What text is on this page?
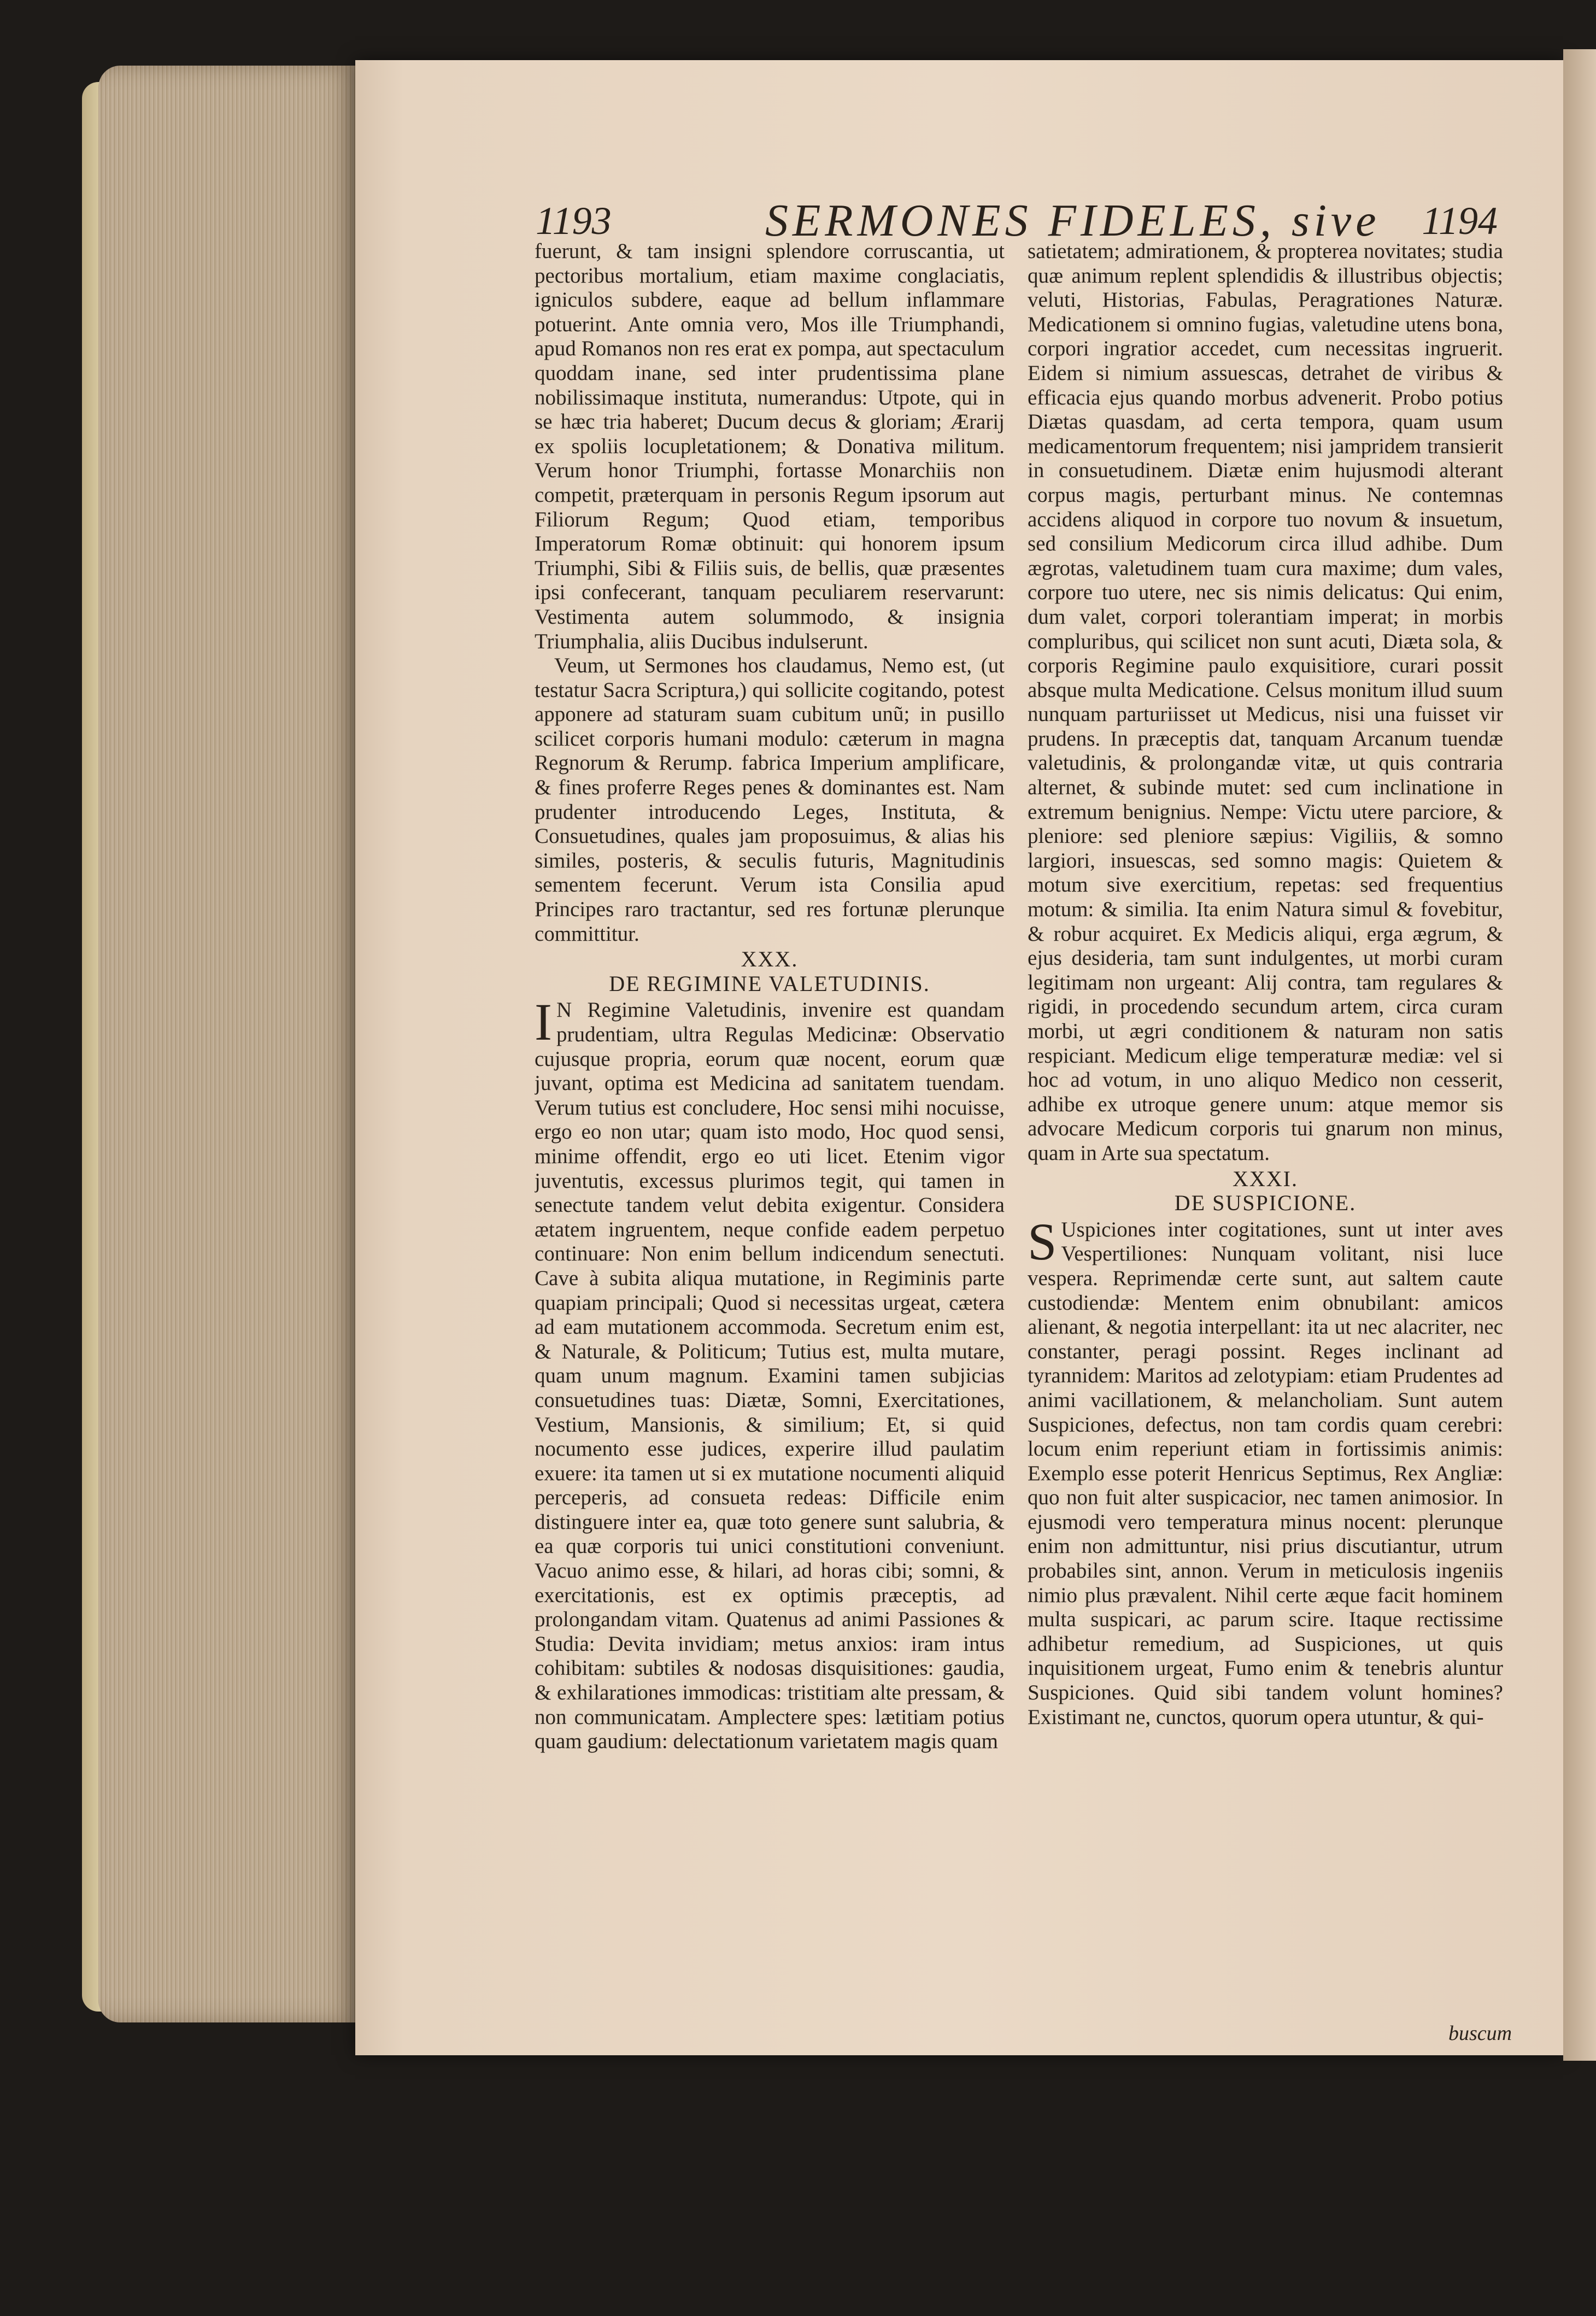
1193	SERMONES FIDELES, sive 1194

fuerunt, & tam insigni splendore corruscantia, ut pectoribus mortalium, etiam maxime conglaciatis, igniculos subdere, eaque ad bellum inflammare potuerint. Ante omnia vero, Mos ille Triumphandi, apud Romanos non res erat ex pompa, aut spectaculum quoddam inane, sed inter prudentissima plane nobilissimaque instituta, numerandus: Utpote, qui in se hæc tria haberet; Ducum decus & gloriam; Ærarij ex spoliis locupletationem; & Donativa militum. Verum honor Triumphi, fortasse Monarchiis non competit, præterquam in personis Regum ipsorum aut Filiorum Regum; Quod etiam, temporibus Imperatorum Romæ obtinuit: qui honorem ipsum Triumphi, Sibi & Filiis suis, de bellis, quæ præsentes ipsi confecerant, tanquam peculiarem reservarunt: Vestimenta autem solummodo, & insignia Triumphalia, aliis Ducibus indulserunt.

Veum, ut Sermones hos claudamus, Nemo est, (ut testatur Sacra Scriptura,) qui sollicite cogitando, potest apponere ad staturam suam cubitum unũ; in pusillo scilicet corporis humani modulo: cæterum in magna Regnorum & Rerump. fabrica Imperium amplificare, & fines proferre Reges penes & dominantes est. Nam prudenter introducendo Leges, Instituta, & Consuetudines, quales jam proposuimus, & alias his similes, posteris, & seculis futuris, Magnitudinis sementem fecerunt. Verum ista Consilia apud Principes raro tractantur, sed res fortunæ plerunque committitur.

XXX.
DE REGIMINE VALETUDINIS.

I N Regimine Valetudinis, invenire est quandam prudentiam, ultra Regulas Medicinæ: Observatio cujusque propria, eorum quæ nocent, eorum quæ juvant, optima est Medicina ad sanitatem tuendam. Verum tutius est concludere, Hoc sensi mihi nocuisse, ergo eo non utar; quam isto modo, Hoc quod sensi, minime offendit, ergo eo uti licet. Etenim vigor juventutis, excessus plurimos tegit, qui tamen in senectute tandem velut debita exigentur. Considera ætatem ingruentem, neque confide eadem perpetuo continuare: Non enim bellum indicendum senectuti. Cave à subita aliqua mutatione, in Regiminis parte quapiam principali; Quod si necessitas urgeat, cætera ad eam mutationem accommoda. Secretum enim est, & Naturale, & Politicum; Tutius est, multa mutare, quam unum magnum. Examini tamen subjicias consuetudines tuas: Diætæ, Somni, Exercitationes, Vestium, Mansionis, & similium; Et, si quid nocumento esse judices, experire illud paulatim exuere: ita tamen ut si ex mutatione nocumenti aliquid perceperis, ad consueta redeas: Difficile enim distinguere inter ea, quæ toto genere sunt salubria, & ea quæ corporis tui unici constitutioni conveniunt. Vacuo animo esse, & hilari, ad horas cibi; somni, & exercitationis, est ex optimis præceptis, ad prolongandam vitam. Quatenus ad animi Passiones & Studia: Devita invidiam; metus anxios: iram intus cohibitam: subtiles & nodosas disquisitiones: gaudia, & exhilarationes immodicas: tristitiam alte pressam, & non communicatam. Amplectere spes: lætitiam potius quam gaudium: delectationum varietatem magis quam

satietatem; admirationem, & propterea novitates; studia quæ animum replent splendidis & illustribus objectis; veluti, Historias, Fabulas, Peragrationes Naturæ. Medicationem si omnino fugias, valetudine utens bona, corpori ingratior accedet, cum necessitas ingruerit. Eidem si nimium assuescas, detrahet de viribus & efficacia ejus quando morbus advenerit. Probo potius Diætas quasdam, ad certa tempora, quam usum medicamentorum frequentem; nisi jampridem transierit in consuetudinem. Diætæ enim hujusmodi alterant corpus magis, perturbant minus. Ne contemnas accidens aliquod in corpore tuo novum & insuetum, sed consilium Medicorum circa illud adhibe. Dum ægrotas, valetudinem tuam cura maxime; dum vales, corpore tuo utere, nec sis nimis delicatus: Qui enim, dum valet, corpori tolerantiam imperat; in morbis compluribus, qui scilicet non sunt acuti, Diæta sola, & corporis Regimine paulo exquisitiore, curari possit absque multa Medicatione. Celsus monitum illud suum nunquam parturiisset ut Medicus, nisi una fuisset vir prudens. In præceptis dat, tanquam Arcanum tuendæ valetudinis, & prolongandæ vitæ, ut quis contraria alternet, & subinde mutet: sed cum inclinatione in extremum benignius. Nempe: Victu utere parciore, & pleniore: sed pleniore sæpius: Vigiliis, & somno largiori, insuescas, sed somno magis: Quietem & motum sive exercitium, repetas: sed frequentius motum: & similia. Ita enim Natura simul & fovebitur, & robur acquiret. Ex Medicis aliqui, erga ægrum, & ejus desideria, tam sunt indulgentes, ut morbi curam legitimam non urgeant: Alij contra, tam regulares & rigidi, in procedendo secundum artem, circa curam morbi, ut ægri conditionem & naturam non satis respiciant. Medicum elige temperaturæ mediæ: vel si hoc ad votum, in uno aliquo Medico non cesserit, adhibe ex utroque genere unum: atque memor sis advocare Medicum corporis tui gnarum non minus, quam in Arte sua spectatum.

XXXI.
DE SUSPICIONE.

S Uspiciones inter cogitationes, sunt ut inter aves Vespertiliones: Nunquam volitant, nisi luce vespera. Reprimendæ certe sunt, aut saltem caute custodiendæ: Mentem enim obnubilant: amicos alienant, & negotia interpellant: ita ut nec alacriter, nec constanter, peragi possint. Reges inclinant ad tyrannidem: Maritos ad zelotypiam: etiam Prudentes ad animi vacillationem, & melancholiam. Sunt autem Suspiciones, defectus, non tam cordis quam cerebri: locum enim reperiunt etiam in fortissimis animis: Exemplo esse poterit Henricus Septimus, Rex Angliæ: quo non fuit alter suspicacior, nec tamen animosior. In ejusmodi vero temperatura minus nocent: plerunque enim non admittuntur, nisi prius discutiantur, utrum probabiles sint, annon. Verum in meticulosis ingeniis nimio plus prævalent. Nihil certe æque facit hominem multa suspicari, ac parum scire. Itaque rectissime adhibetur remedium, ad Suspiciones, ut quis inquisitionem urgeat, Fumo enim & tenebris aluntur Suspiciones. Quid sibi tandem volunt homines? Existimant ne, cunctos, quorum opera utuntur, & qui-

buscum
